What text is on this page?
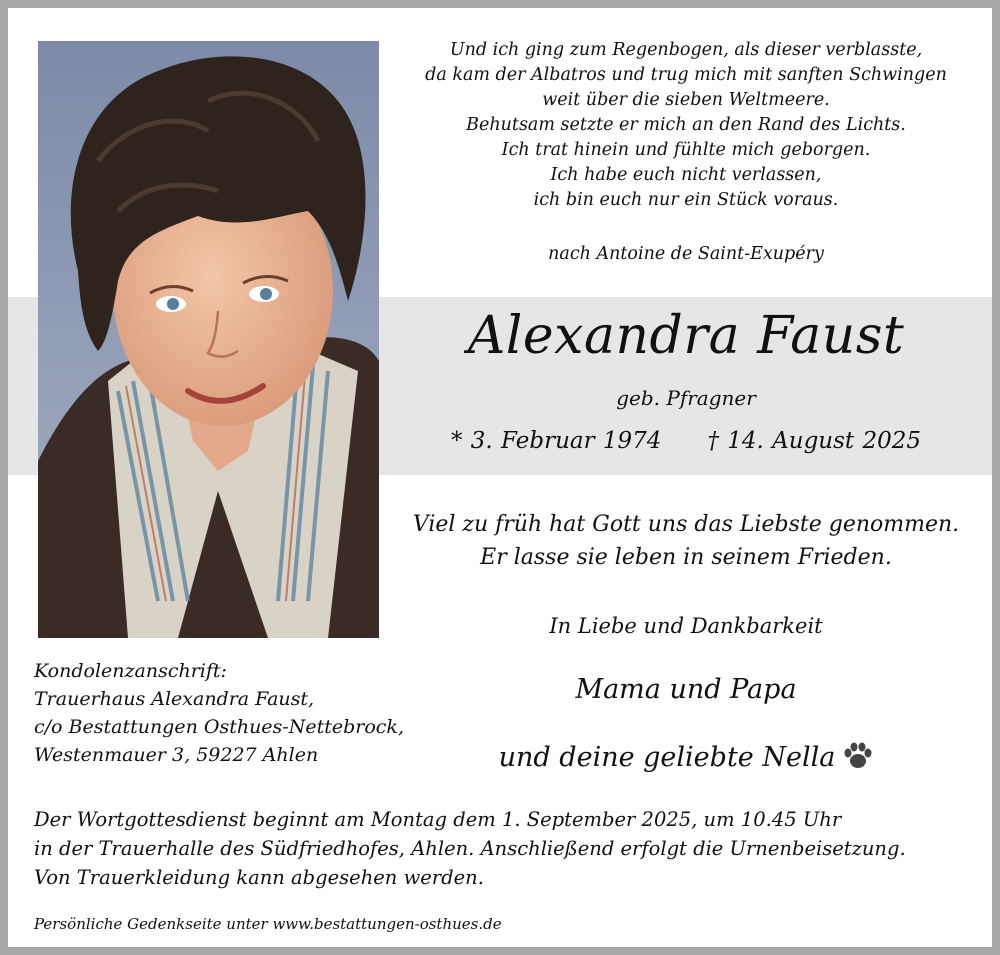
Und ich ging zum Regenbogen, als dieser verblasste,
da kam der Albatros und trug mich mit sanften Schwingen
weit über die sieben Weltmeere.
Behutsam setzte er mich an den Rand des Lichts.
Ich trat hinein und fühlte mich geborgen.
Ich habe euch nicht verlassen,
ich bin euch nur ein Stück voraus.
nach Antoine de Saint-Exupéry
Alexandra Faust
geb. Pfragner
* 3. Februar 1974 † 14. August 2025
Viel zu früh hat Gott uns das Liebste genommen.
Er lasse sie leben in seinem Frieden.
In Liebe und Dankbarkeit
Mama und Papa
und deine geliebte Nella
Kondolenzanschrift:
Trauerhaus Alexandra Faust,
c/o Bestattungen Osthues-Nettebrock,
Westenmauer 3, 59227 Ahlen
Der Wortgottesdienst beginnt am Montag dem 1. September 2025, um 10.45 Uhr
in der Trauerhalle des Südfriedhofes, Ahlen. Anschließend erfolgt die Urnenbeisetzung.
Von Trauerkleidung kann abgesehen werden.
Persönliche Gedenkseite unter www.bestattungen-osthues.de
